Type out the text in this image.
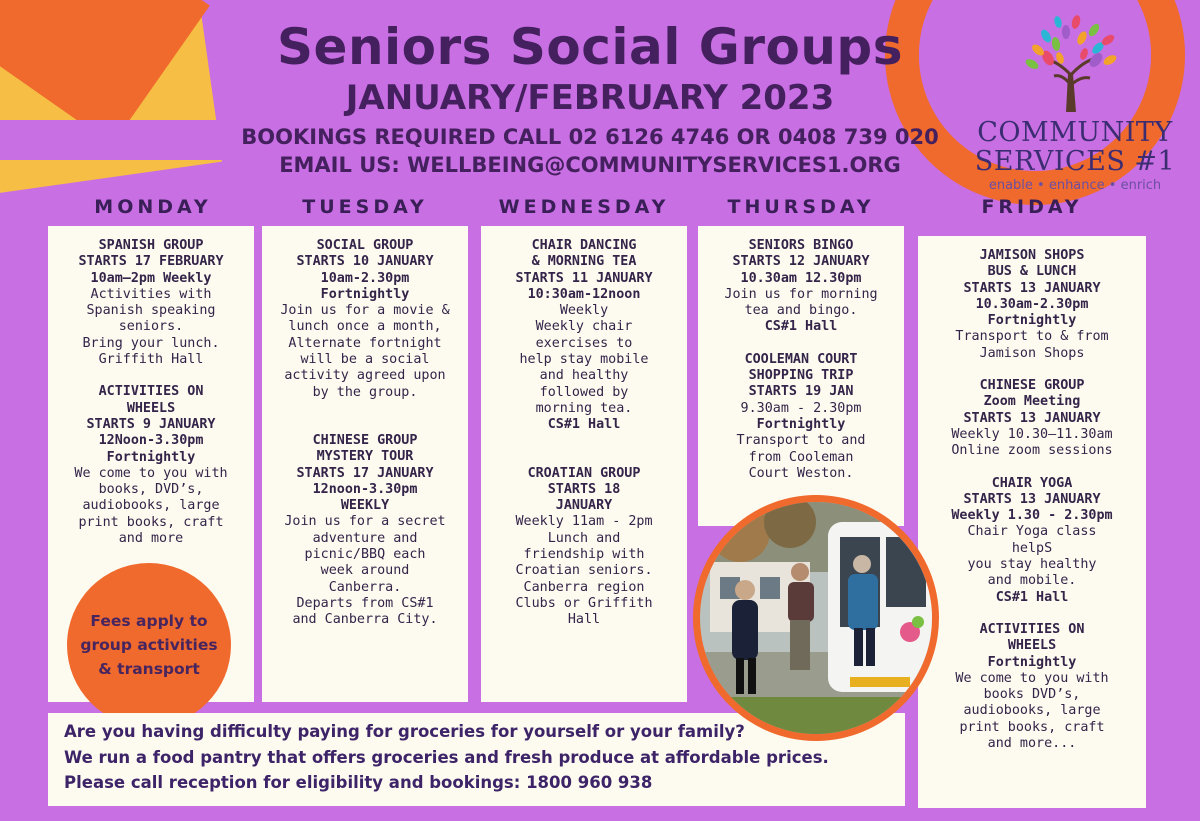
Seniors Social Groups
JANUARY/FEBRUARY 2023
BOOKINGS REQUIRED CALL 02 6126 4746 OR 0408 739 020
EMAIL US: WELLBEING@COMMUNITYSERVICES1.ORG
COMMUNITY
SERVICES #1
enable • enhance • enrich
MONDAY	TUESDAY	WEDNESDAY	THURSDAY	FRIDAY
SPANISH GROUP
STARTS 17 FEBRUARY
10am–2pm Weekly
Activities with
Spanish speaking
seniors.
Bring your lunch.
Griffith Hall
ACTIVITIES ON
WHEELS
STARTS 9 JANUARY
12Noon-3.30pm
Fortnightly
We come to you with
books, DVD’s,
audiobooks, large
print books, craft
and more
SOCIAL GROUP
STARTS 10 JANUARY
10am-2.30pm
Fortnightly
Join us for a movie &
lunch once a month,
Alternate fortnight
will be a social
activity agreed upon
by the group.
CHINESE GROUP
MYSTERY TOUR
STARTS 17 JANUARY
12noon-3.30pm
WEEKLY
Join us for a secret
adventure and
picnic/BBQ each
week around
Canberra.
Departs from CS#1
and Canberra City.
CHAIR DANCING
& MORNING TEA
STARTS 11 JANUARY
10:30am-12noon
Weekly
Weekly chair
exercises to
help stay mobile
and healthy
followed by
morning tea.
CS#1 Hall
CROATIAN GROUP
STARTS 18
JANUARY
Weekly 11am - 2pm
Lunch and
friendship with
Croatian seniors.
Canberra region
Clubs or Griffith
Hall
SENIORS BINGO
STARTS 12 JANUARY
10.30am 12.30pm
Join us for morning
tea and bingo.
CS#1 Hall
COOLEMAN COURT
SHOPPING TRIP
STARTS 19 JAN
9.30am - 2.30pm
Fortnightly
Transport to and
from Cooleman
Court Weston.
JAMISON SHOPS
BUS & LUNCH
STARTS 13 JANUARY
10.30am-2.30pm
Fortnightly
Transport to & from
Jamison Shops
CHINESE GROUP
Zoom Meeting
STARTS 13 JANUARY
Weekly 10.30–11.30am
Online zoom sessions
CHAIR YOGA
STARTS 13 JANUARY
Weekly 1.30 - 2.30pm
Chair Yoga class
helpS
you stay healthy
and mobile.
CS#1 Hall
ACTIVITIES ON
WHEELS
Fortnightly
We come to you with
books DVD’s,
audiobooks, large
print books, craft
and more...
Fees apply to
group activities
& transport
Are you having difficulty paying for groceries for yourself or your family?
We run a food pantry that offers groceries and fresh produce at affordable prices.
Please call reception for eligibility and bookings: 1800 960 938
